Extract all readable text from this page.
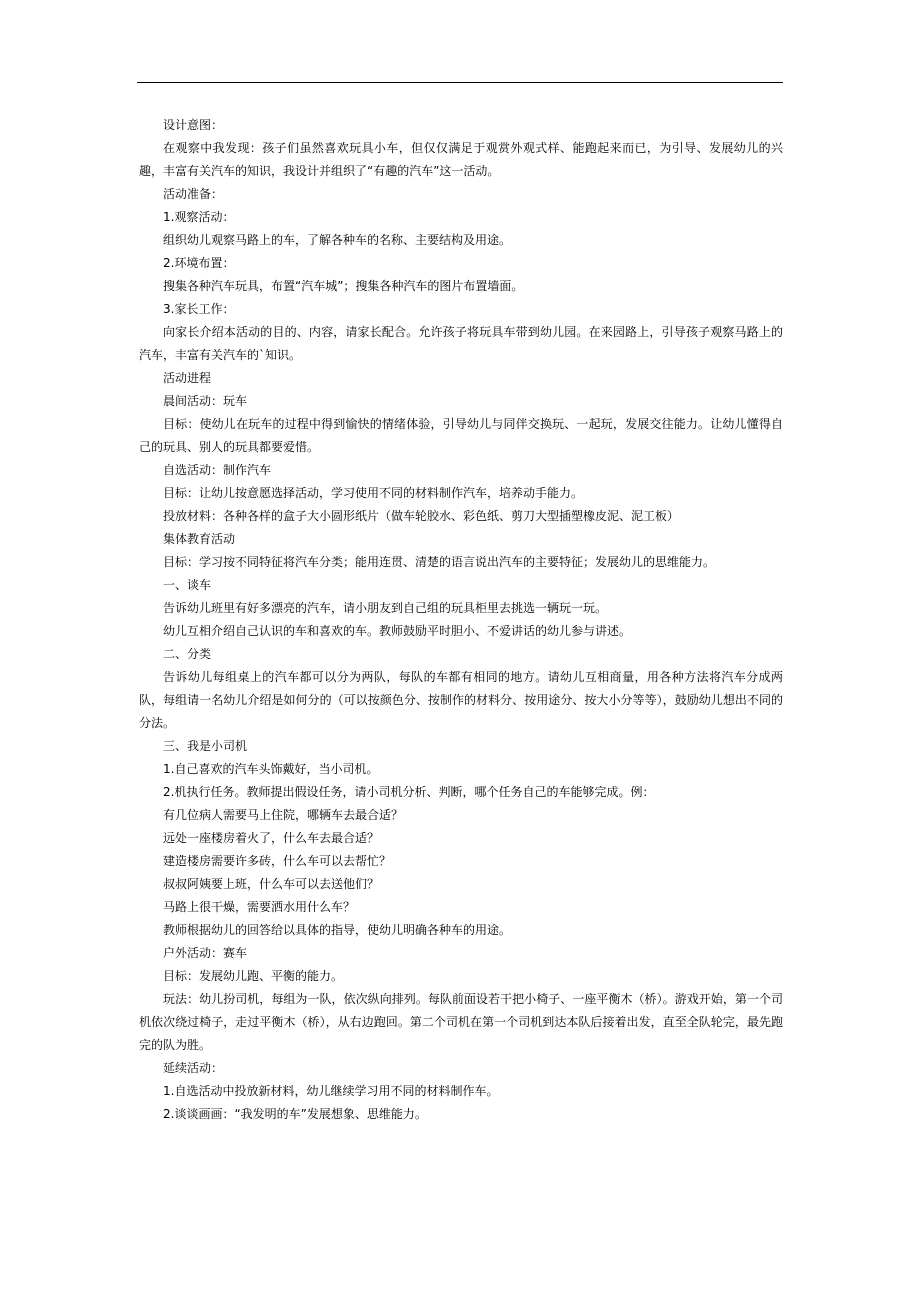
设计意图：

在观察中我发现：孩子们虽然喜欢玩具小车，但仅仅满足于观赏外观式样、能跑起来而已，为引导、发展幼儿的兴趣，丰富有关汽车的知识，我设计并组织了“有趣的汽车”这一活动。

活动准备：

1.观察活动：

组织幼儿观察马路上的车，了解各种车的名称、主要结构及用途。

2.环境布置：

搜集各种汽车玩具，布置“汽车城”；搜集各种汽车的图片布置墙面。

3.家长工作：

向家长介绍本活动的目的、内容，请家长配合。允许孩子将玩具车带到幼儿园。在来园路上，引导孩子观察马路上的汽车，丰富有关汽车的`知识。

活动进程

晨间活动：玩车

目标：使幼儿在玩车的过程中得到愉快的情绪体验，引导幼儿与同伴交换玩、一起玩，发展交往能力。让幼儿懂得自己的玩具、别人的玩具都要爱惜。

自选活动：制作汽车

目标：让幼儿按意愿选择活动，学习使用不同的材料制作汽车，培养动手能力。

投放材料：各种各样的盒子大小圆形纸片（做车轮胶水、彩色纸、剪刀大型插塑橡皮泥、泥工板）

集体教育活动

目标：学习按不同特征将汽车分类；能用连贯、清楚的语言说出汽车的主要特征；发展幼儿的思维能力。

一、谈车

告诉幼儿班里有好多漂亮的汽车，请小朋友到自己组的玩具柜里去挑选一辆玩一玩。

幼儿互相介绍自己认识的车和喜欢的车。教师鼓励平时胆小、不爱讲话的幼儿参与讲述。

二、分类

告诉幼儿每组桌上的汽车都可以分为两队，每队的车都有相同的地方。请幼儿互相商量，用各种方法将汽车分成两队，每组请一名幼儿介绍是如何分的（可以按颜色分、按制作的材料分、按用途分、按大小分等等），鼓励幼儿想出不同的分法。

三、我是小司机

1.自己喜欢的汽车头饰戴好，当小司机。

2.机执行任务。教师提出假设任务，请小司机分析、判断，哪个任务自己的车能够完成。例：

有几位病人需要马上住院，哪辆车去最合适？

远处一座楼房着火了，什么车去最合适？

建造楼房需要许多砖，什么车可以去帮忙？

叔叔阿姨要上班，什么车可以去送他们？

马路上很干燥，需要洒水用什么车？

教师根据幼儿的回答给以具体的指导，使幼儿明确各种车的用途。

户外活动：赛车

目标：发展幼儿跑、平衡的能力。

玩法：幼儿扮司机，每组为一队，依次纵向排列。每队前面设若干把小椅子、一座平衡木（桥）。游戏开始，第一个司机依次绕过椅子，走过平衡木（桥），从右边跑回。第二个司机在第一个司机到达本队后接着出发，直至全队轮完，最先跑完的队为胜。

延续活动：

1.自选活动中投放新材料，幼儿继续学习用不同的材料制作车。

2.谈谈画画：“我发明的车”发展想象、思维能力。
